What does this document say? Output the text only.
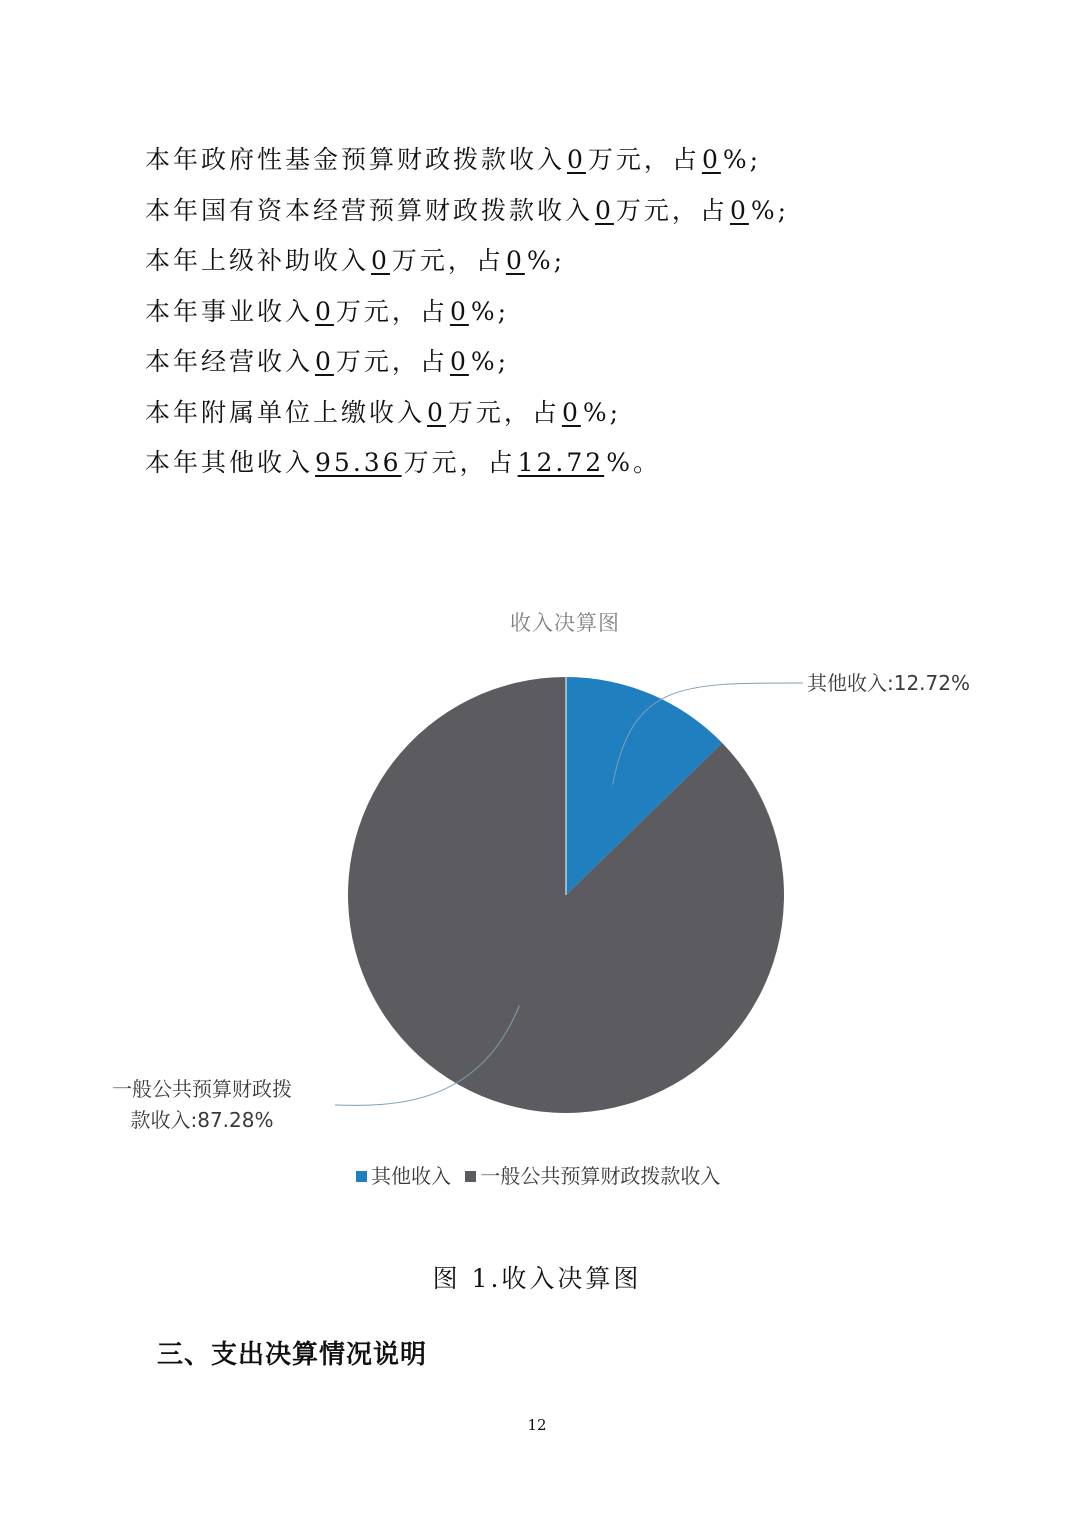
本年政府性基金预算财政拨款收入0万元，占0%;
本年国有资本经营预算财政拨款收入0万元，占0%;
本年上级补助收入0万元，占0%;
本年事业收入0万元，占0%;
本年经营收入0万元，占0%;
本年附属单位上缴收入0万元，占0%;
本年其他收入95.36万元，占12.72%。
收入决算图
其他收入:12.72%
一般公共预算财政拨
款收入:87.28%
其他收入 一般公共预算财政拨款收入
图 1.收入决算图
三、支出决算情况说明
12
